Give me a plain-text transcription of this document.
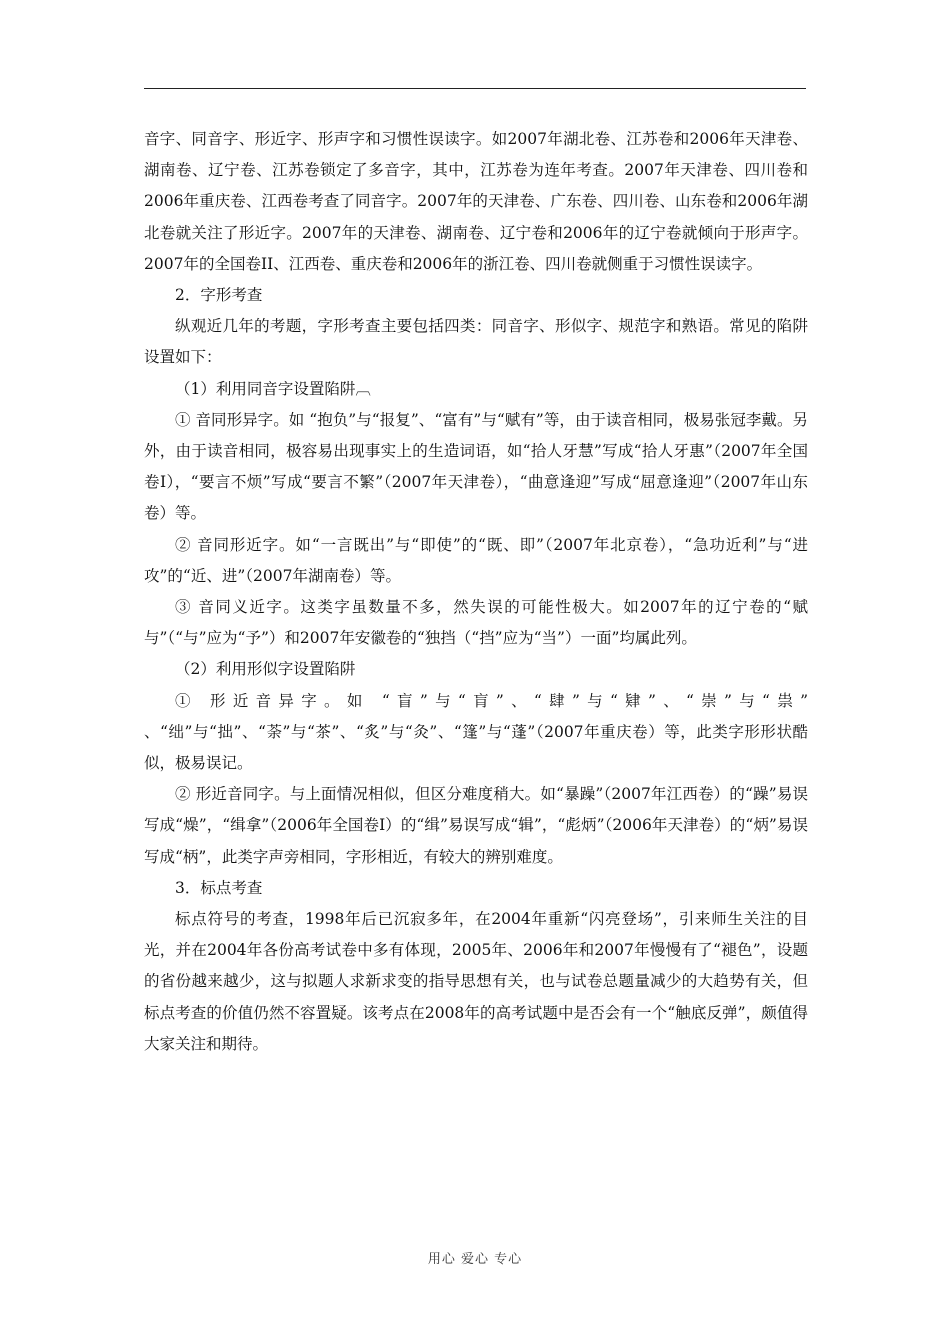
音字、同音字、形近字、形声字和习惯性误读字。如2007年湖北卷、江苏卷和2006年天津卷、湖南卷、辽宁卷、江苏卷锁定了多音字，其中，江苏卷为连年考查。2007年天津卷、四川卷和2006年重庆卷、江西卷考查了同音字。2007年的天津卷、广东卷、四川卷、山东卷和2006年湖北卷就关注了形近字。2007年的天津卷、湖南卷、辽宁卷和2006年的辽宁卷就倾向于形声字。2007年的全国卷II、江西卷、重庆卷和2006年的浙江卷、四川卷就侧重于习惯性误读字。

2．字形考查

纵观近几年的考题，字形考查主要包括四类：同音字、形似字、规范字和熟语。常见的陷阱设置如下：

（1）利用同音字设置陷阱︹

① 音同形异字。如 “抱负”与“报复”、“富有”与“赋有”等，由于读音相同，极易张冠李戴。另外，由于读音相同，极容易出现事实上的生造词语，如“拾人牙慧”写成“拾人牙惠”（2007年全国卷Ⅰ），“要言不烦”写成“要言不繁”（2007年天津卷），“曲意逢迎”写成“屈意逢迎”（2007年山东卷）等。

② 音同形近字。如“一言既出”与“即使”的“既、即”（2007年北京卷），“急功近利”与“进攻”的“近、进”（2007年湖南卷）等。

③ 音同义近字。这类字虽数量不多，然失误的可能性极大。如2007年的辽宁卷的“赋与”（“与”应为“予”）和2007年安徽卷的“独挡（“挡”应为“当”）一面”均属此列。

（2）利用形似字设置陷阱

① 形近音异字。如 “盲”与“肓”、“肆”与“肄”、“崇”与“祟” 、“绌”与“拙”、“荼”与“茶”、“炙”与“灸”、“篷”与“蓬”（2007年重庆卷）等，此类字形形状酷似，极易误记。

② 形近音同字。与上面情况相似，但区分难度稍大。如“暴躁”（2007年江西卷）的“躁”易误写成“燥”，“缉拿”（2006年全国卷Ⅰ）的“缉”易误写成“辑”，“彪炳”（2006年天津卷）的“炳”易误写成“柄”，此类字声旁相同，字形相近，有较大的辨别难度。

3．标点考查

标点符号的考查，1998年后已沉寂多年，在2004年重新“闪亮登场”，引来师生关注的目光，并在2004年各份高考试卷中多有体现，2005年、2006年和2007年慢慢有了“褪色”，设题的省份越来越少，这与拟题人求新求变的指导思想有关，也与试卷总题量减少的大趋势有关，但标点考查的价值仍然不容置疑。该考点在2008年的高考试题中是否会有一个“触底反弹”，颇值得大家关注和期待。

用心 爱心 专心
